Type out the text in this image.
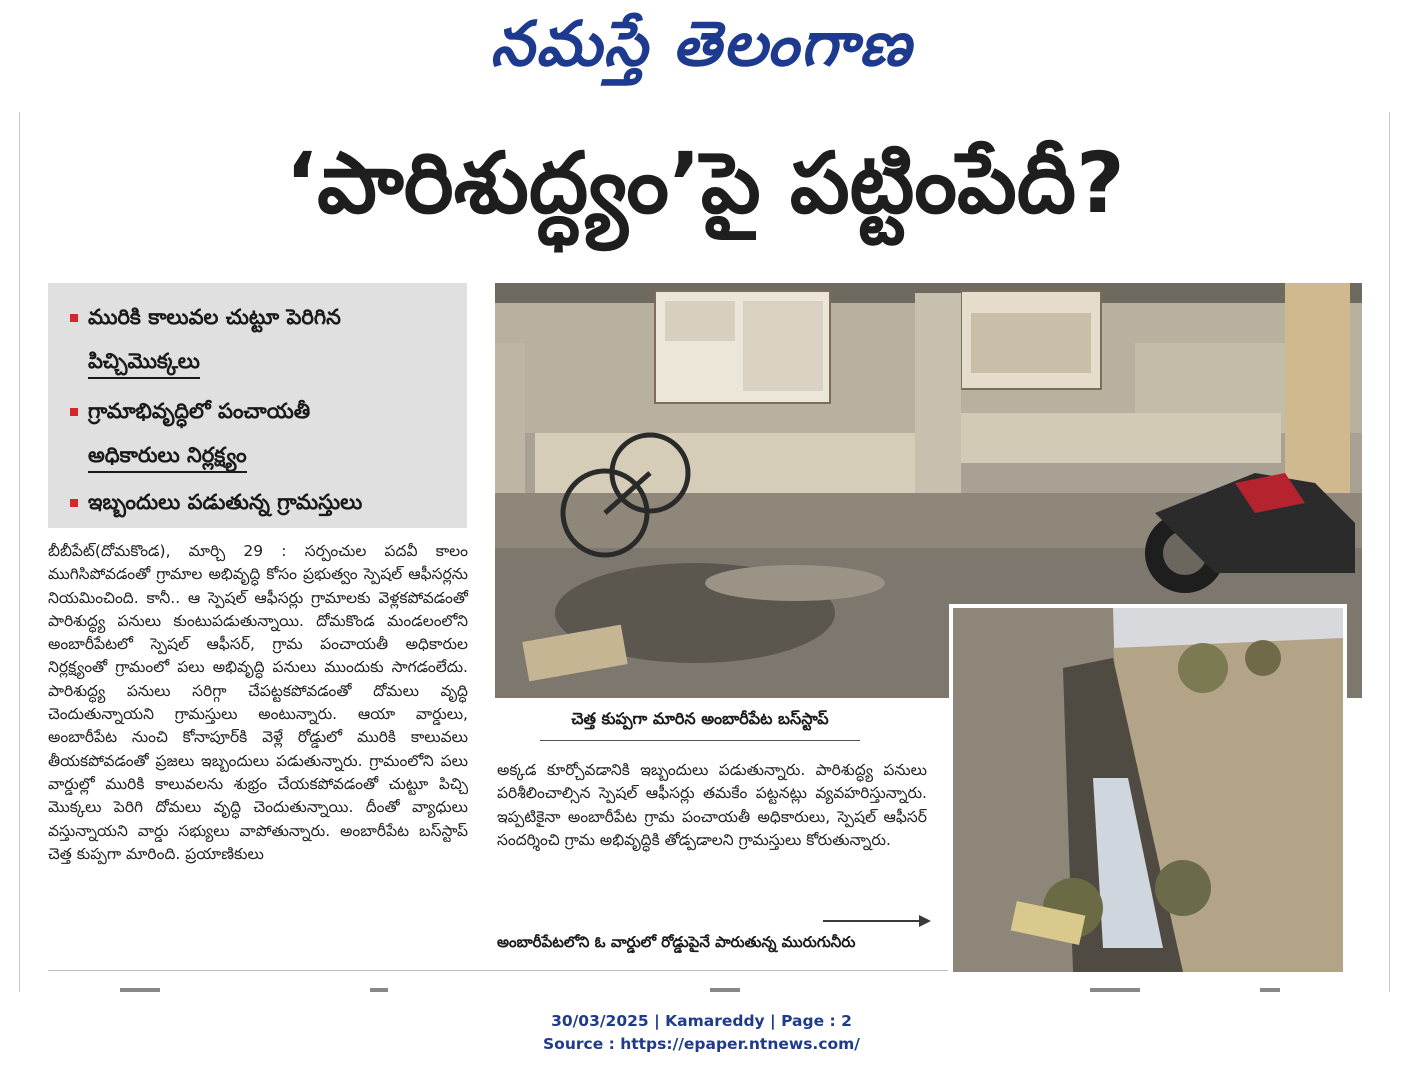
నమస్తే తెలంగాణ
‘పారిశుద్ధ్యం’పై పట్టింపేదీ?
మురికి కాలువల చుట్టూ పెరిగిన
పిచ్చిమొక్కలు
గ్రామాభివృద్ధిలో పంచాయతీ
అధికారులు నిర్లక్ష్యం
ఇబ్బందులు పడుతున్న గ్రామస్తులు
బీబీపేట్(దోమకొండ), మార్చి 29 : సర్పంచుల పదవీ కాలం ముగిసిపోవడంతో గ్రామాల అభివృద్ధి కోసం ప్రభుత్వం స్పెషల్ ఆఫీసర్లను నియమించింది. కానీ.. ఆ స్పెషల్ ఆఫీసర్లు గ్రామాలకు వెళ్లకపోవడంతో పారిశుద్ధ్య పనులు కుంటుపడుతున్నాయి. దోమకొండ మండలంలోని అంబారీపేటలో స్పెషల్ ఆఫీసర్, గ్రామ పంచాయతీ అధికారుల నిర్లక్ష్యంతో గ్రామంలో పలు అభివృద్ధి పనులు ముందుకు సాగడంలేదు. పారిశుద్ధ్య పనులు సరిగ్గా చేపట్టకపోవడంతో దోమలు వృద్ధి చెందుతున్నాయని గ్రామస్తులు అంటున్నారు. ఆయా వార్డులు, అంబారీపేట నుంచి కోనాపూర్‌కి వెళ్లే రోడ్డులో మురికి కాలువలు తీయకపోవడంతో ప్రజలు ఇబ్బందులు పడుతున్నారు. గ్రామంలోని పలు వార్డుల్లో మురికి కాలువలను శుభ్రం చేయకపోవడంతో చుట్టూ పిచ్చి మొక్కలు పెరిగి దోమలు వృద్ధి చెందుతున్నాయి. దీంతో వ్యాధులు వస్తున్నాయని వార్డు సభ్యులు వాపోతున్నారు. అంబారీపేట బస్‌స్టాప్ చెత్త కుప్పగా మారింది. ప్రయాణికులు
చెత్త కుప్పగా మారిన అంబారీపేట బస్‌స్టాప్
అక్కడ కూర్చోవడానికి ఇబ్బందులు పడుతున్నారు. పారిశుద్ధ్య పనులు పరిశీలించాల్సిన స్పెషల్ ఆఫీసర్లు తమకేం పట్టనట్లు వ్యవహరిస్తున్నారు. ఇప్పటికైనా అంబారీపేట గ్రామ పంచాయతీ అధికారులు, స్పెషల్ ఆఫీసర్ సందర్శించి గ్రామ అభివృద్ధికి తోడ్పడాలని గ్రామస్తులు కోరుతున్నారు.
అంబారీపేటలోని ఓ వార్డులో రోడ్డుపైనే పారుతున్న మురుగునీరు
30/03/2025 | Kamareddy | Page : 2
Source : https://epaper.ntnews.com/
